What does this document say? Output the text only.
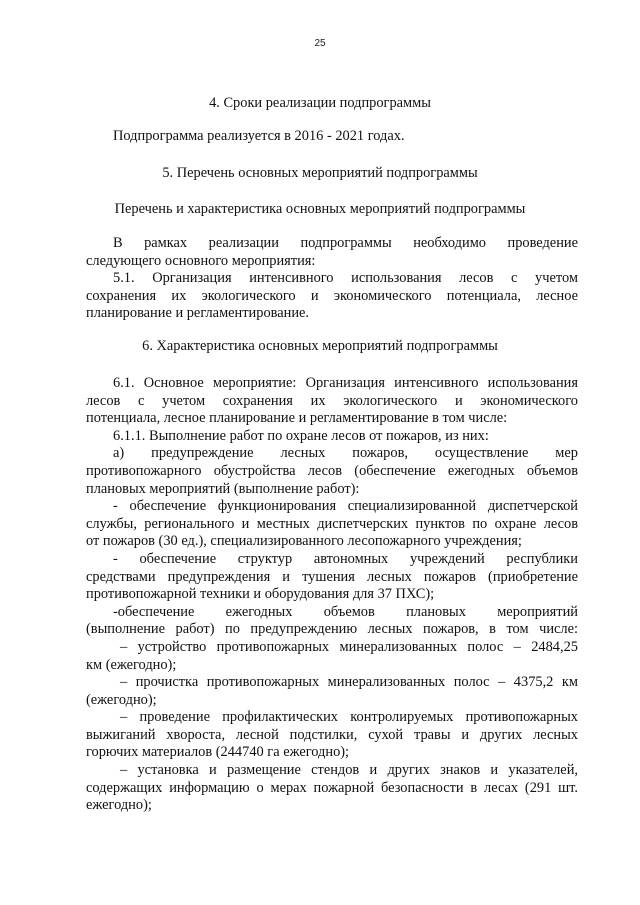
25
4. Сроки реализации подпрограммы
Подпрограмма реализуется в 2016 - 2021 годах.
5. Перечень основных мероприятий подпрограммы
Перечень и характеристика основных мероприятий подпрограммы
В рамках реализации подпрограммы необходимо проведение
следующего основного мероприятия:
5.1. Организация интенсивного использования лесов с учетом
сохранения их экологического и экономического потенциала, лесное
планирование и регламентирование.
6. Характеристика основных мероприятий подпрограммы
6.1. Основное мероприятие: Организация интенсивного использования
лесов с учетом сохранения их экологического и экономического
потенциала, лесное планирование и регламентирование в том числе:
6.1.1. Выполнение работ по охране лесов от пожаров, из них:
а) предупреждение лесных пожаров, осуществление мер
противопожарного обустройства лесов (обеспечение ежегодных объемов
плановых мероприятий (выполнение работ):
- обеспечение функционирования специализированной диспетчерской
службы, регионального и местных диспетчерских пунктов по охране лесов
от пожаров (30 ед.), специализированного лесопожарного учреждения;
- обеспечение структур автономных учреждений республики
средствами предупреждения и тушения лесных пожаров (приобретение
противопожарной техники и оборудования для 37 ПХС);
-обеспечение ежегодных объемов плановых мероприятий
(выполнение работ) по предупреждению лесных пожаров, в том числе:
– устройство противопожарных минерализованных полос – 2484,25
км (ежегодно);
– прочистка противопожарных минерализованных полос – 4375,2 км
(ежегодно);
– проведение профилактических контролируемых противопожарных
выжиганий хвороста, лесной подстилки, сухой травы и других лесных
горючих материалов (244740 га ежегодно);
– установка и размещение стендов и других знаков и указателей,
содержащих информацию о мерах пожарной безопасности в лесах (291 шт.
ежегодно);
